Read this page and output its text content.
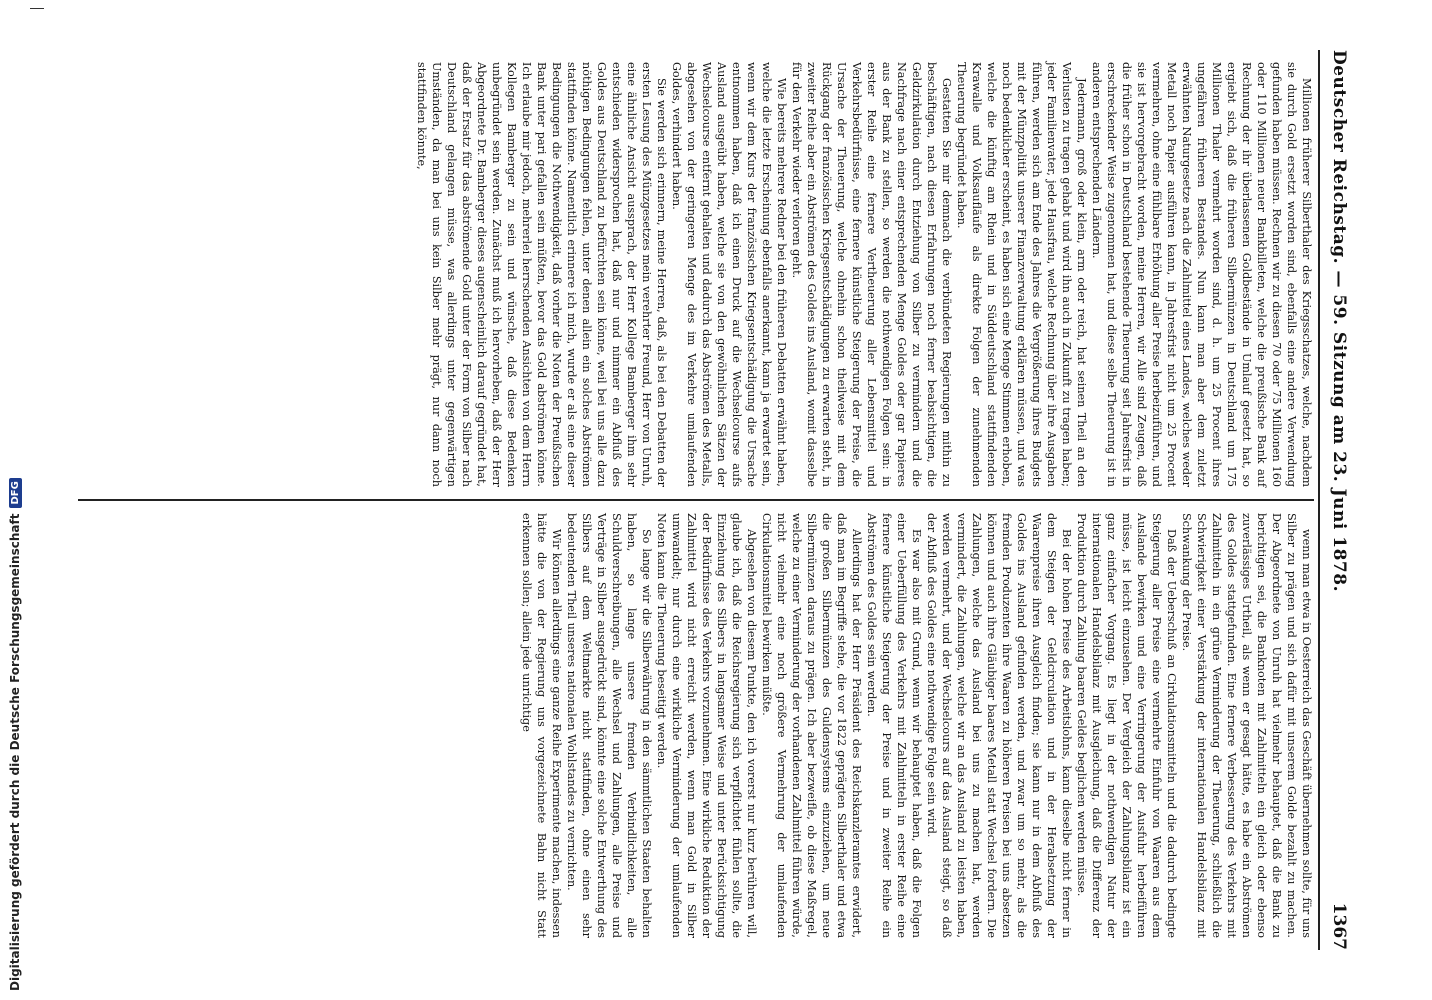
Digitalisierung gefördert durch die Deutsche Forschungsgemeinschaft
DFG	Deutscher Reichstag. — 59. Sitzung am 23. Juni 1878.
1367

Millionen früherer Silberthaler des Kriegsschatzes, welche, nachdem sie durch Gold ersetzt worden sind, ebenfalls eine andere Verwendung gefunden haben müssen. Rechnen wir zu diesen 70 oder 75 Millionen 160 oder 110 Millionen neuer Bankbilleten, welche die preußische Bank auf Rechnung der ihr überlassenen Goldbestände in Umlauf gesetzt hat, so ergiebt sich, daß die früheren Silbermünzen in Deutschland um 175 Millionen Thaler vermehrt worden sind, d. h. um 25 Procent ihres ungefähren früheren Bestandes. Nun kann man aber dem zuletzt erwähnten Naturgesetze nach die Zahlmittel eines Landes, welches weder Metall noch Papier ausführen kann, in Jahresfrist nicht um 25 Procent vermehren, ohne eine fühlbare Erhöhung aller Preise herbeizuführen, und sie ist hervorgebracht worden, meine Herren, wir Alle sind Zeugen, daß die früher schon in Deutschland bestehende Theuerung seit Jahresfrist in erschreckender Weise zugenommen hat, und diese selbe Theuerung ist in anderen entsprechenden Ländern.

Jedermann, groß oder klein, arm oder reich, hat seinen Theil an den Verlusten zu tragen gehabt und wird ihn auch in Zukunft zu tragen haben; jeder Familienvater, jede Hausfrau, welche Rechnung über ihre Ausgaben führen, werden sich am Ende des Jahres die Vergrößerung ihres Budgets mit der Münzpolitik unserer Finanzverwaltung erklären müssen, und was noch bedenklicher erscheint, es haben sich eine Menge Stimmen erhoben, welche die künftig am Rhein und in Süddeutschland stattfindenden Krawalle und Volksaufläufe als direkte Folgen der zunehmenden Theuerung begründet haben.

Gestatten Sie mir demnach die verbündeten Regierungen mithin zu beschäftigen, nach diesen Erfahrungen noch ferner beabsichtigen, die Geldzirkulation durch Entziehung von Silber zu vermindern und die Nachfrage nach einer entsprechenden Menge Goldes oder gar Papieres aus der Bank zu stellen, so werden die nothwendigen Folgen sein: in erster Reihe eine fernere Vertheuerung aller Lebensmittel und Verkehrsbedürfnisse, eine fernere künstliche Steigerung der Preise, die Ursache der Theuerung, welche ohnehin schon theilweise mit dem Rückgang der französischen Kriegsentschädigungen zu erwarten steht, in zweiter Reihe aber ein Abströmen des Goldes ins Ausland, womit dasselbe für den Verkehr wieder verloren geht.

Wie bereits mehrere Redner bei den früheren Debatten erwähnt haben, welche die letzte Erscheinung ebenfalls anerkannt, kann ja erwartet sein, wenn wir dem Kurs der französischen Kriegsentschädigung die Ursache entnommen haben, daß ich einen Druck auf die Wechselcourse aufs Ausland ausgeübt haben, welche sie von den gewöhnlichen Sätzen der Wechselcourse entfernt gehalten und dadurch das Abströmen des Metalls, abgesehen von der geringeren Menge des im Verkehre umlaufenden Goldes, verhindert haben.

Sie werden sich erinnern, meine Herren, daß, als bei den Debatten der ersten Lesung des Münzgesetzes mein verehrter Freund, Herr von Unruh, eine ähnliche Ansicht aussprach, der Herr Kollege Bamberger ihm sehr entschieden widersprochen hat, daß nur und nimmer ein Abfluß des Goldes aus Deutschland zu befürchten sein könne, weil bei uns alle dazu nöthigen Bedingungen fehlen, unter denen allein ein solches Abströmen stattfinden könne. Namentlich erinnere ich mich, wurde er als eine dieser Bedingungen die Nothwendigkeit, daß vorher die Noten der Preußischen Bank unter pari gefallen sein müßten, bevor das Gold abströmen könne. Ich erlaube mir jedoch, mehrerlei herrschenden Ansichten von dem Herrn Kollegen Bamberger zu sein und wünsche, daß diese Bedenken unbegründet sein werden. Zunächst muß ich hervorheben, daß der Herr Abgeordnete Dr. Bamberger dieses augenscheinlich darauf gegründet hat, daß der Ersatz für das abströmende Gold unter der Form von Silber nach Deutschland gelangen müsse, was allerdings unter gegenwärtigen Umständen, da man bei uns kein Silber mehr prägt, nur dann noch stattfinden könnte,

wenn man etwa in Oesterreich das Geschäft übernehmen sollte, für uns Silber zu prägen und sich dafür mit unserem Golde bezahlt zu machen. Der Abgeordnete von Unruh hat vielmehr behauptet, daß die Bank zu berichtigen sei, die Banknoten mit Zahlmitteln ein gleich oder ebenso zuverlässiges Urtheil, als wenn er gesagt hätte, es habe ein Abströmen des Goldes stattgefunden. Eine fernere Verbesserung des Verkehrs mit Zahlmitteln in ein grüne Verminderung der Theuerung, schließlich die Schwierigkeit einer Verstärkung der internationalen Handelsbilanz mit Schwankung der Preise.

Daß der Ueberschuß an Cirkulationsmitteln und die dadurch bedingte Steigerung aller Preise eine vermehrte Einfuhr von Waaren aus dem Auslande bewirken und eine Verringerung der Ausfuhr herbeiführen müsse, ist leicht einzusehen. Der Vergleich der Zahlungsbilanz ist ein ganz einfacher Vorgang. Es liegt in der nothwendigen Natur der internationalen Handelsbilanz mit Ausgleichung, daß die Differenz der Produktion durch Zahlung baaren Geldes beglichen werden müsse.

Bei der hohen Preise des Arbeitslohns, kann dieselbe nicht ferner in dem Steigen der Geldcirculation und in der Herabsetzung der Waarenpreise ihren Ausgleich finden; sie kann nur in dem Abfluß des Goldes ins Ausland gefunden werden, und zwar um so mehr, als die fremden Produzenten ihre Waaren zu höheren Preisen bei uns absetzen können und auch ihre Gläubiger baares Metall statt Wechsel fordern. Die Zahlungen, welche das Ausland bei uns zu machen hat, werden vermindert, die Zahlungen, welche wir an das Ausland zu leisten haben, werden vermehrt, und der Wechselcours auf das Ausland steigt, so daß der Abfluß des Goldes eine nothwendige Folge sein wird.

Es war also mit Grund, wenn wir behauptet haben, daß die Folgen einer Ueberfüllung des Verkehrs mit Zahlmitteln in erster Reihe eine fernere künstliche Steigerung der Preise und in zweiter Reihe ein Abströmen des Goldes sein werden.

Allerdings hat der Herr Präsident des Reichskanzleramtes erwidert, daß man im Begriffe stehe, die vor 1822 geprägten Silberthaler und etwa die großen Silbermünzen des Guldensystems einzuziehen, um neue Silbermünzen daraus zu prägen. Ich aber bezweifle, ob diese Maßregel, welche zu einer Verminderung der vorhandenen Zahlmittel führen würde, nicht vielmehr eine noch größere Vermehrung der umlaufenden Cirkulationsmittel bewirken müßte.

Abgesehen von diesem Punkte, den ich vorerst nur kurz berühren will, glaube ich, daß die Reichsregierung sich verpflichtet fühlen sollte, die Einziehung des Silbers in langsamer Weise und unter Berücksichtigung der Bedürfnisse des Verkehrs vorzunehmen. Eine wirkliche Reduktion der Zahlmittel wird nicht erreicht werden, wenn man Gold in Silber umwandelt; nur durch eine wirkliche Verminderung der umlaufenden Noten kann die Theuerung beseitigt werden.

So lange wir die Silberwährung in den sämmtlichen Staaten behalten haben, so lange unsere fremden Verbindlichkeiten, alle Schuldverschreibungen, alle Wechsel und Zahlungen, alle Preise und Verträge in Silber ausgedrückt sind, könnte eine solche Entwerthung des Silbers auf dem Weltmarkte nicht stattfinden, ohne einen sehr bedeutenden Theil unseres nationalen Wohlstandes zu vernichten.

Wir können allerdings eine ganze Reihe Experimente machen, indessen hätte die von der Regierung uns vorgezeichnete Bahn nicht Statt erkennen sollen; allein jede unrichtige
